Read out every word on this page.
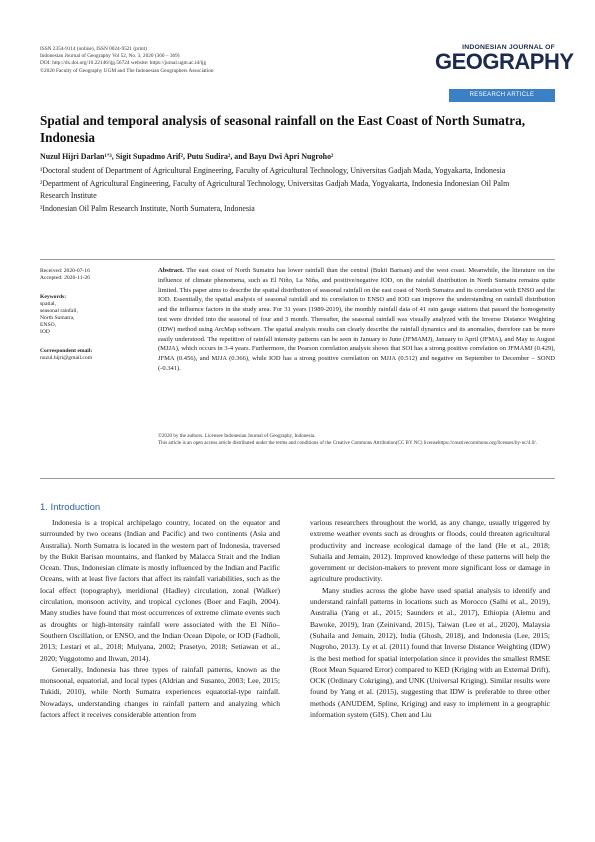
ISSN 2354-9114 (online), ISSN 0024-9521 (print)
Indonesian Journal of Geography Vol 52, No. 3, 2020 (360 – 369)
DOI: http://dx.doi.org/10.22146/ijg.56724 website: https://jurnal.ugm.ac.id/ijg
©2020 Faculty of Geography UGM and The Indonesian Geographers Association
INDONESIAN JOURNAL OF
GEOGRAPHY
RESEARCH ARTICLE
Spatial and temporal analysis of seasonal rainfall on the East Coast of North Sumatra, Indonesia
Nuzul Hijri Darlan¹ʼ³, Sigit Supadmo Arif², Putu Sudira², and Bayu Dwi Apri Nugroho²
¹Doctoral student of Department of Agricultural Engineering, Faculty of Agricultural Technology, Universitas Gadjah Mada, Yogyakarta, Indonesia
²Department of Agricultural Engineering, Faculty of Agricultural Technology, Universitas Gadjah Mada, Yogyakarta, Indonesia Indonesian Oil Palm Research Institute
³Indonesian Oil Palm Research Institute, North Sumatera, Indonesia
Received: 2020-07-16
Accepted: 2020-11-26
Keywords:
spatial,
seasonal rainfall,
North Sumatra,
ENSO,
IOD
Correspondent email:
nuzul.hijri@gmail.com
Abstract. The east coast of North Sumatra has lower rainfall than the central (Bukit Barisan) and the west coast. Meanwhile, the literature on the influence of climate phenomena, such as El Niño, La Niña, and positive/negative IOD, on the rainfall distribution in North Sumatra remains quite limited. This paper aims to describe the spatial distribution of seasonal rainfall on the east coast of North Sumatra and its correlation with ENSO and the IOD. Essentially, the spatial analysis of seasonal rainfall and its correlation to ENSO and IOD can improve the understanding on rainfall distribution and the influence factors in the study area. For 31 years (1989-2019), the monthly rainfall data of 41 rain gauge stations that passed the homogeneity test were divided into the seasonal of four and 3 month. Thereafter, the seasonal rainfall was visually analyzed with the Inverse Distance Weighting (IDW) method using ArcMap software. The spatial analysis results can clearly describe the rainfall dynamics and its anomalies, therefore can be more easily understood. The repetition of rainfall intensity patterns can be seen in January to June (JFMAMJ), January to April (JFMA), and May to August (MJJA), which occurs in 3-4 years. Furthermore, the Pearson correlation analysis shows that SOI has a strong positive correlation on JFMAMJ (0.429), JFMA (0.456), and MJJA (0.366), while IOD has a strong positive correlation on MJJA (0.512) and negative on September to December – SOND (-0.341).
©2020 by the authors. Licensee Indonesian Journal of Geography, Indonesia.
This article is an open access article distributed under the terms and conditions of the Creative Commons Attribution(CC BY NC) licensehttps://creativecommons.org/licenses/by-nc/4.0/.
1. Introduction

Indonesia is a tropical archipelago country, located on the equator and surrounded by two oceans (Indian and Pacific) and two continents (Asia and Australia). North Sumatra is located in the western part of Indonesia, traversed by the Bukit Barisan mountains, and flanked by Malacca Strait and the Indian Ocean. Thus, Indonesian climate is mostly influenced by the Indian and Pacific Oceans, with at least five factors that affect its rainfall variabilities, such as the local effect (topography), meridional (Hadley) circulation, zonal (Walker) circulation, monsoon activity, and tropical cyclones (Boer and Faqih, 2004). Many studies have found that most occurrences of extreme climate events such as droughts or high-intensity rainfall were associated with the El Niño–Southern Oscillation, or ENSO, and the Indian Ocean Dipole, or IOD (Fadholi, 2013; Lestari et al., 2018; Mulyana, 2002; Prasetyo, 2018; Setiawan et al., 2020; Yuggotomo and Ihwan, 2014).

Generally, Indonesia has three types of rainfall patterns, known as the monsoonal, equatorial, and local types (Aldrian and Susanto, 2003; Lee, 2015; Tukidi, 2010), while North Sumatra experiences equatorial-type rainfall. Nowadays, understanding changes in rainfall pattern and analyzing which factors affect it receives considerable attention from

various researchers throughout the world, as any change, usually triggered by extreme weather events such as droughts or floods, could threaten agricultural productivity and increase ecological damage of the land (He et al., 2018; Suhaila and Jemain, 2012). Improved knowledge of these patterns will help the government or decision-makers to prevent more significant loss or damage in agriculture productivity.

Many studies across the globe have used spatial analysis to identify and understand rainfall patterns in locations such as Morocco (Salhi et al., 2019), Australia (Yang et al., 2015; Saunders et al., 2017), Ethiopia (Alemu and Bawoke, 2019), Iran (Zeinivand, 2015), Taiwan (Lee et al., 2020), Malaysia (Suhaila and Jemain, 2012), India (Ghosh, 2018), and Indonesia (Lee, 2015; Nugroho, 2013). Ly et al. (2011) found that Inverse Distance Weighting (IDW) is the best method for spatial interpolation since it provides the smallest RMSE (Root Mean Squared Error) compared to KED (Kriging with an External Drift), OCK (Ordinary Cokriging), and UNK (Universal Kriging). Similar results were found by Yang et al. (2015), suggesting that IDW is preferable to three other methods (ANUDEM, Spline, Kriging) and easy to implement in a geographic information system (GIS). Chen and Liu
